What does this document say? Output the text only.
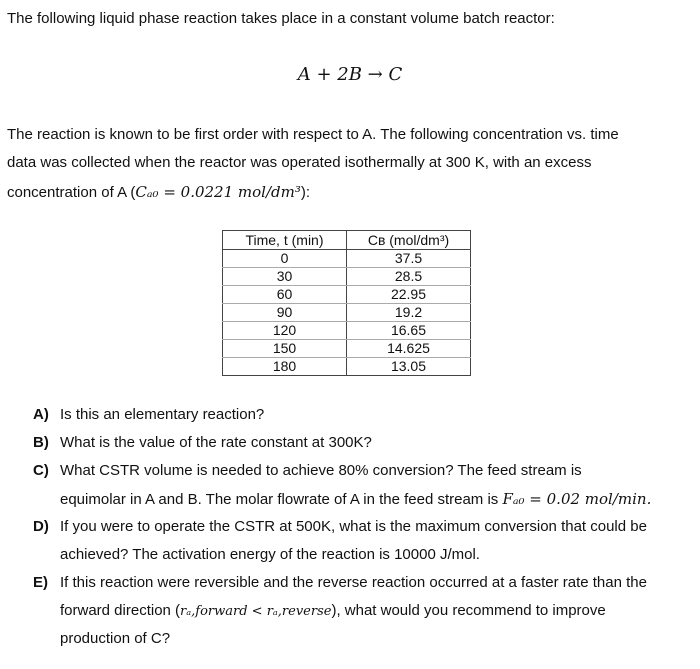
The following liquid phase reaction takes place in a constant volume batch reactor:
A + 2B → C
The reaction is known to be first order with respect to A. The following concentration vs. time
data was collected when the reactor was operated isothermally at 300 K, with an excess
concentration of A (Cₐ₀ = 0.0221 mol/dm³):
Time, t (min)	Cʙ (mol/dm³)
0	37.5
30	28.5
60	22.95
90	19.2
120	16.65
150	14.625
180	13.05
A) Is this an elementary reaction?
B) What is the value of the rate constant at 300K?
C) What CSTR volume is needed to achieve 80% conversion? The feed stream is
equimolar in A and B. The molar flowrate of A in the feed stream is Fₐ₀ = 0.02 mol/min.
D) If you were to operate the CSTR at 500K, what is the maximum conversion that could be
achieved? The activation energy of the reaction is 10000 J/mol.
E) If this reaction were reversible and the reverse reaction occurred at a faster rate than the
forward direction (rₐ,forward < rₐ,reverse), what would you recommend to improve
production of C?
